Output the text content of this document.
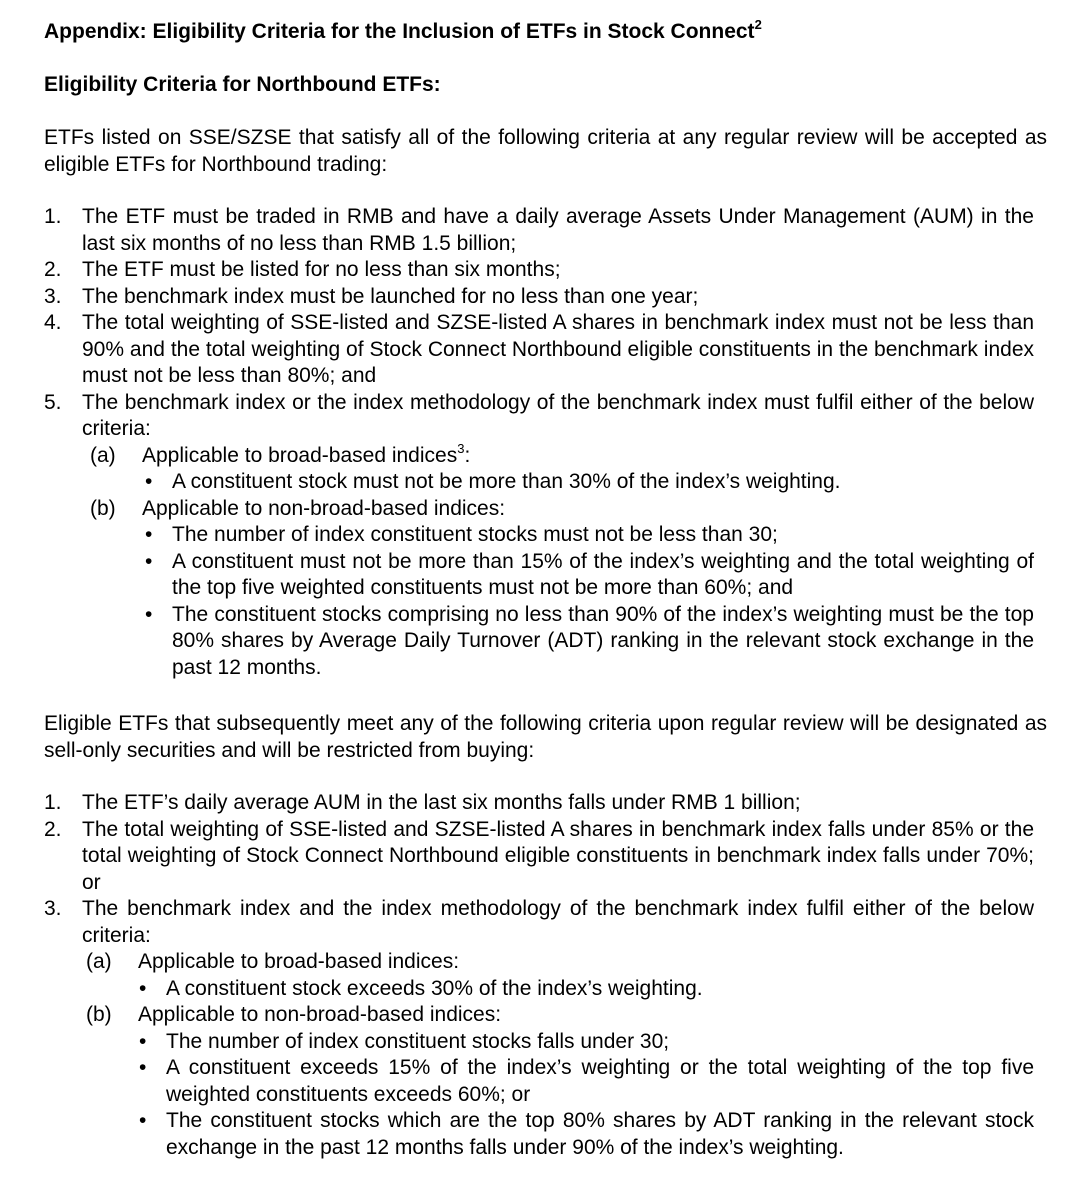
Appendix: Eligibility Criteria for the Inclusion of ETFs in Stock Connect$^2$
Eligibility Criteria for Northbound ETFs:

ETFs listed on SSE/SZSE that satisfy all of the following criteria at any regular review will be accepted as eligible ETFs for Northbound trading:

1. The ETF must be traded in RMB and have a daily average Assets Under Management (AUM) in the last six months of no less than RMB 1.5 billion;
2. The ETF must be listed for no less than six months;
3. The benchmark index must be launched for no less than one year;
4. The total weighting of SSE-listed and SZSE-listed A shares in benchmark index must not be less than 90% and the total weighting of Stock Connect Northbound eligible constituents in the benchmark index must not be less than 80%; and
5. The benchmark index or the index methodology of the benchmark index must fulfil either of the below criteria:
(a) Applicable to broad-based indices$^3$:
• A constituent stock must not be more than 30% of the index’s weighting.
(b) Applicable to non-broad-based indices:
• The number of index constituent stocks must not be less than 30;
• A constituent must not be more than 15% of the index’s weighting and the total weighting of the top five weighted constituents must not be more than 60%; and
• The constituent stocks comprising no less than 90% of the index’s weighting must be the top 80% shares by Average Daily Turnover (ADT) ranking in the relevant stock exchange in the past 12 months.

Eligible ETFs that subsequently meet any of the following criteria upon regular review will be designated as sell-only securities and will be restricted from buying:

1. The ETF’s daily average AUM in the last six months falls under RMB 1 billion;
2. The total weighting of SSE-listed and SZSE-listed A shares in benchmark index falls under 85% or the total weighting of Stock Connect Northbound eligible constituents in benchmark index falls under 70%; or
3. The benchmark index and the index methodology of the benchmark index fulfil either of the below criteria:
(a) Applicable to broad-based indices:
• A constituent stock exceeds 30% of the index’s weighting.
(b) Applicable to non-broad-based indices:
• The number of index constituent stocks falls under 30;
• A constituent exceeds 15% of the index’s weighting or the total weighting of the top five weighted constituents exceeds 60%; or
• The constituent stocks which are the top 80% shares by ADT ranking in the relevant stock exchange in the past 12 months falls under 90% of the index’s weighting.
